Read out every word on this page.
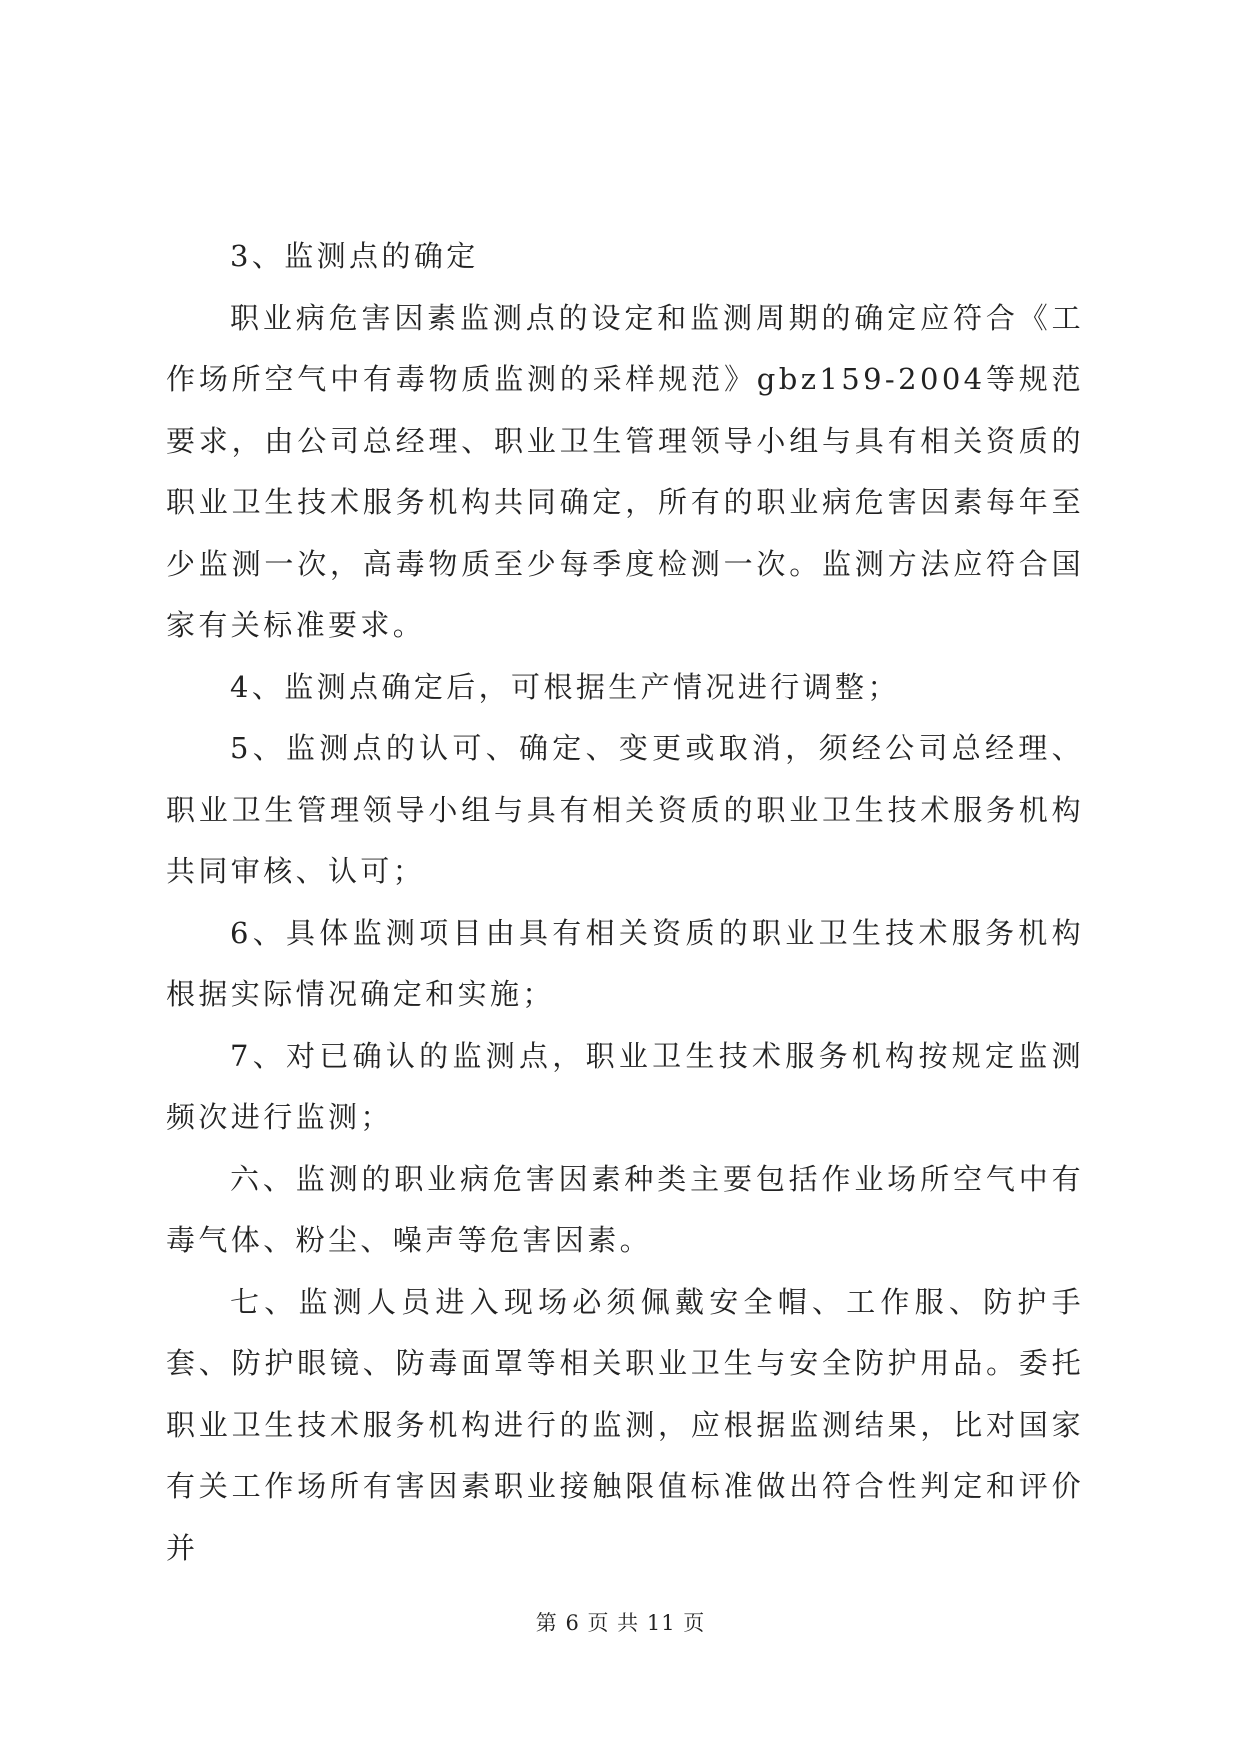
3、监测点的确定

职业病危害因素监测点的设定和监测周期的确定应符合《工作场所空气中有毒物质监测的采样规范》gbz159-2004等规范要求，由公司总经理、职业卫生管理领导小组与具有相关资质的职业卫生技术服务机构共同确定，所有的职业病危害因素每年至少监测一次，高毒物质至少每季度检测一次。监测方法应符合国家有关标准要求。

4、监测点确定后，可根据生产情况进行调整；

5、监测点的认可、确定、变更或取消，须经公司总经理、职业卫生管理领导小组与具有相关资质的职业卫生技术服务机构共同审核、认可；

6、具体监测项目由具有相关资质的职业卫生技术服务机构根据实际情况确定和实施；

7、对已确认的监测点，职业卫生技术服务机构按规定监测频次进行监测；

六、监测的职业病危害因素种类主要包括作业场所空气中有毒气体、粉尘、噪声等危害因素。

七、监测人员进入现场必须佩戴安全帽、工作服、防护手套、防护眼镜、防毒面罩等相关职业卫生与安全防护用品。委托职业卫生技术服务机构进行的监测，应根据监测结果，比对国家有关工作场所有害因素职业接触限值标准做出符合性判定和评价并

第 6 页 共 11 页
